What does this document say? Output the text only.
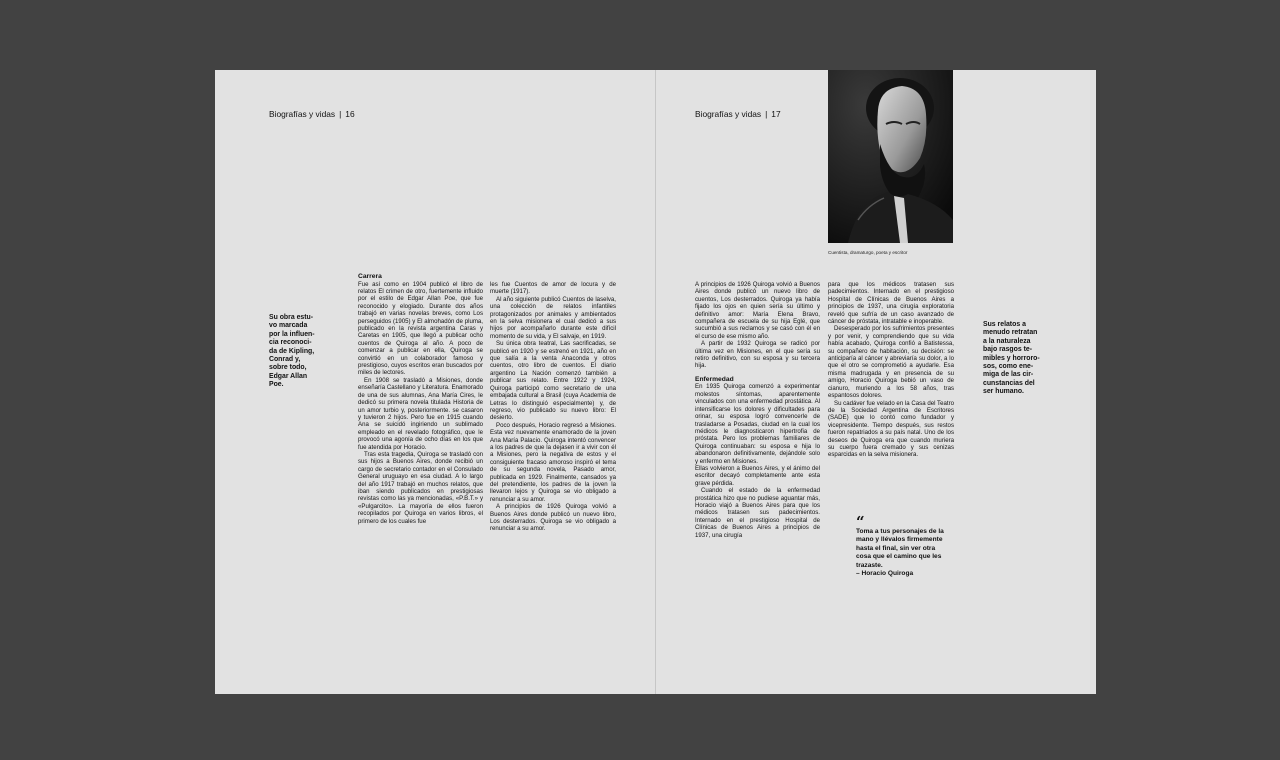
Biografías y vidas | 16
Su obra estu-
vo marcada
por la influen-
cia reconoci-
da de Kipling,
Conrad y,
sobre todo,
Edgar Allan
Poe.
Carrera

Fue así como en 1904 publicó el libro de relatos El crimen de otro, fuertemente influido por el estilo de Edgar Allan Poe, que fue reconocido y elogiado. Durante dos años trabajó en varias novelas breves, como Los perseguidos (1905) y El almohadón de pluma, publicado en la revista argentina Caras y Caretas en 1905, que llegó a publicar ocho cuentos de Quiroga al año. A poco de comenzar a publicar en ella, Quiroga se convirtió en un colaborador famoso y prestigioso, cuyos escritos eran buscados por miles de lectores.

En 1908 se trasladó a Misiones, donde enseñaría Castellano y Literatura. Enamorado de una de sus alumnas, Ana María Cires, le dedicó su primera novela titulada Historia de un amor turbio y, posteriormente. se casaron y tuvieron 2 hijos. Pero fue en 1915 cuando Ana se suicidó ingiriendo un sublimado empleado en el revelado fotográfico, que le provocó una agonía de ocho días en los que fue atendida por Horacio.

Tras esta tragedia, Quiroga se trasladó con sus hijos a Buenos Aires, donde recibió un cargo de secretario contador en el Consulado General uruguayo en esa ciudad. A lo largo del año 1917 trabajó en muchos relatos, que iban siendo publicados en prestigiosas revistas como las ya mencionadas, «P.B.T.» y «Pulgarcito». La mayoría de ellos fueron recopilados por Quiroga en varios libros, el primero de los cuales fue

les fue Cuentos de amor de locura y de muerte (1917).

Al año siguiente publicó Cuentos de laselva, una colección de relatos infantiles protagonizados por animales y ambientados en la selva misionera el cual dedicó a sus hijos por acompañarlo durante este difícil momento de su vida, y El salvaje, en 1919.

Su única obra teatral, Las sacrificadas, se publicó en 1920 y se estrenó en 1921, año en que salía a la venta Anaconda y otros cuentos, otro libro de cuentos. El diario argentino La Nación comenzó también a publicar sus relato. Entre 1922 y 1924, Quiroga participó como secretario de una embajada cultural a Brasil (cuya Academia de Letras lo distinguió especialmente) y, de regreso, vio publicado su nuevo libro: El desierto.

Poco después, Horacio regresó a Misiones. Esta vez nuevamente enamorado de la joven Ana María Palacio. Quiroga intentó convencer a los padres de que la dejasen ir a vivir con él a Misiones, pero la negativa de estos y el consiguiente fracaso amoroso inspiró el tema de su segunda novela, Pasado amor, publicada en 1929. Finalmente, cansados ya del pretendiente, los padres de la joven la llevaron lejos y Quiroga se vio obligado a renunciar a su amor.

A principios de 1926 Quiroga volvió a Buenos Aires donde publicó un nuevo libro, Los desterrados. Quiroga se vio obligado a renunciar a su amor.

Biografías y vidas | 17
Cuentista, dramaturgo, poeta y escritor

A principios de 1926 Quiroga volvió a Buenos Aires donde publicó un nuevo libro de cuentos, Los desterrados. Quiroga ya había fijado los ojos en quien sería su último y definitivo amor: María Elena Bravo, compañera de escuela de su hija Eglé, que sucumbió a sus reclamos y se casó con él en el curso de ese mismo año.

A partir de 1932 Quiroga se radicó por última vez en Misiones, en el que sería su retiro definitivo, con su esposa y su tercera hija.

Enfermedad

En 1935 Quiroga comenzó a experimentar molestos síntomas, aparentemente vinculados con una enfermedad prostática. Al intensificarse los dolores y dificultades para orinar, su esposa logró convencerle de trasladarse a Posadas, ciudad en la cual los médicos le diagnosticaron hipertrofia de próstata. Pero los problemas familiares de Quiroga continuaban: su esposa e hija lo abandonaron definitivamente, dejándole solo y enfermo en Misiones.

Ellas volvieron a Buenos Aires, y el ánimo del escritor decayó completamente ante esta grave pérdida.

Cuando el estado de la enfermedad prostática hizo que no pudiese aguantar más, Horacio viajó a Buenos Aires para que los médicos tratasen sus padecimientos. Internado en el prestigioso Hospital de Clínicas de Buenos Aires a principios de 1937, una cirugía

para que los médicos tratasen sus padecimientos. Internado en el prestigioso Hospital de Clínicas de Buenos Aires a principios de 1937, una cirugía exploratoria reveló que sufría de un caso avanzado de cáncer de próstata, intratable e inoperable.

Desesperado por los sufrimientos presentes y por venir, y comprendiendo que su vida había acabado, Quiroga confió a Batistessa, su compañero de habitación, su decisión: se anticiparía al cáncer y abreviaría su dolor, a lo que el otro se comprometió a ayudarle. Esa misma madrugada y en presencia de su amigo, Horacio Quiroga bebió un vaso de cianuro, muriendo a los 58 años, tras espantosos dolores.

Su cadáver fue velado en la Casa del Teatro de la Sociedad Argentina de Escritores (SADE) que lo contó como fundador y vicepresidente. Tiempo después, sus restos fueron repatriados a su país natal. Uno de los deseos de Quiroga era que cuando muriera su cuerpo fuera cremado y sus cenizas esparcidas en la selva misionera.

“
Toma a tus personajes de la
mano y llévalos firmemente
hasta el final, sin ver otra
cosa que el camino que les
trazaste.
– Horacio Quiroga
Sus relatos a
menudo retratan
a la naturaleza
bajo rasgos te-
mibles y horroro-
sos, como ene-
miga de las cir-
cunstancias del
ser humano.
